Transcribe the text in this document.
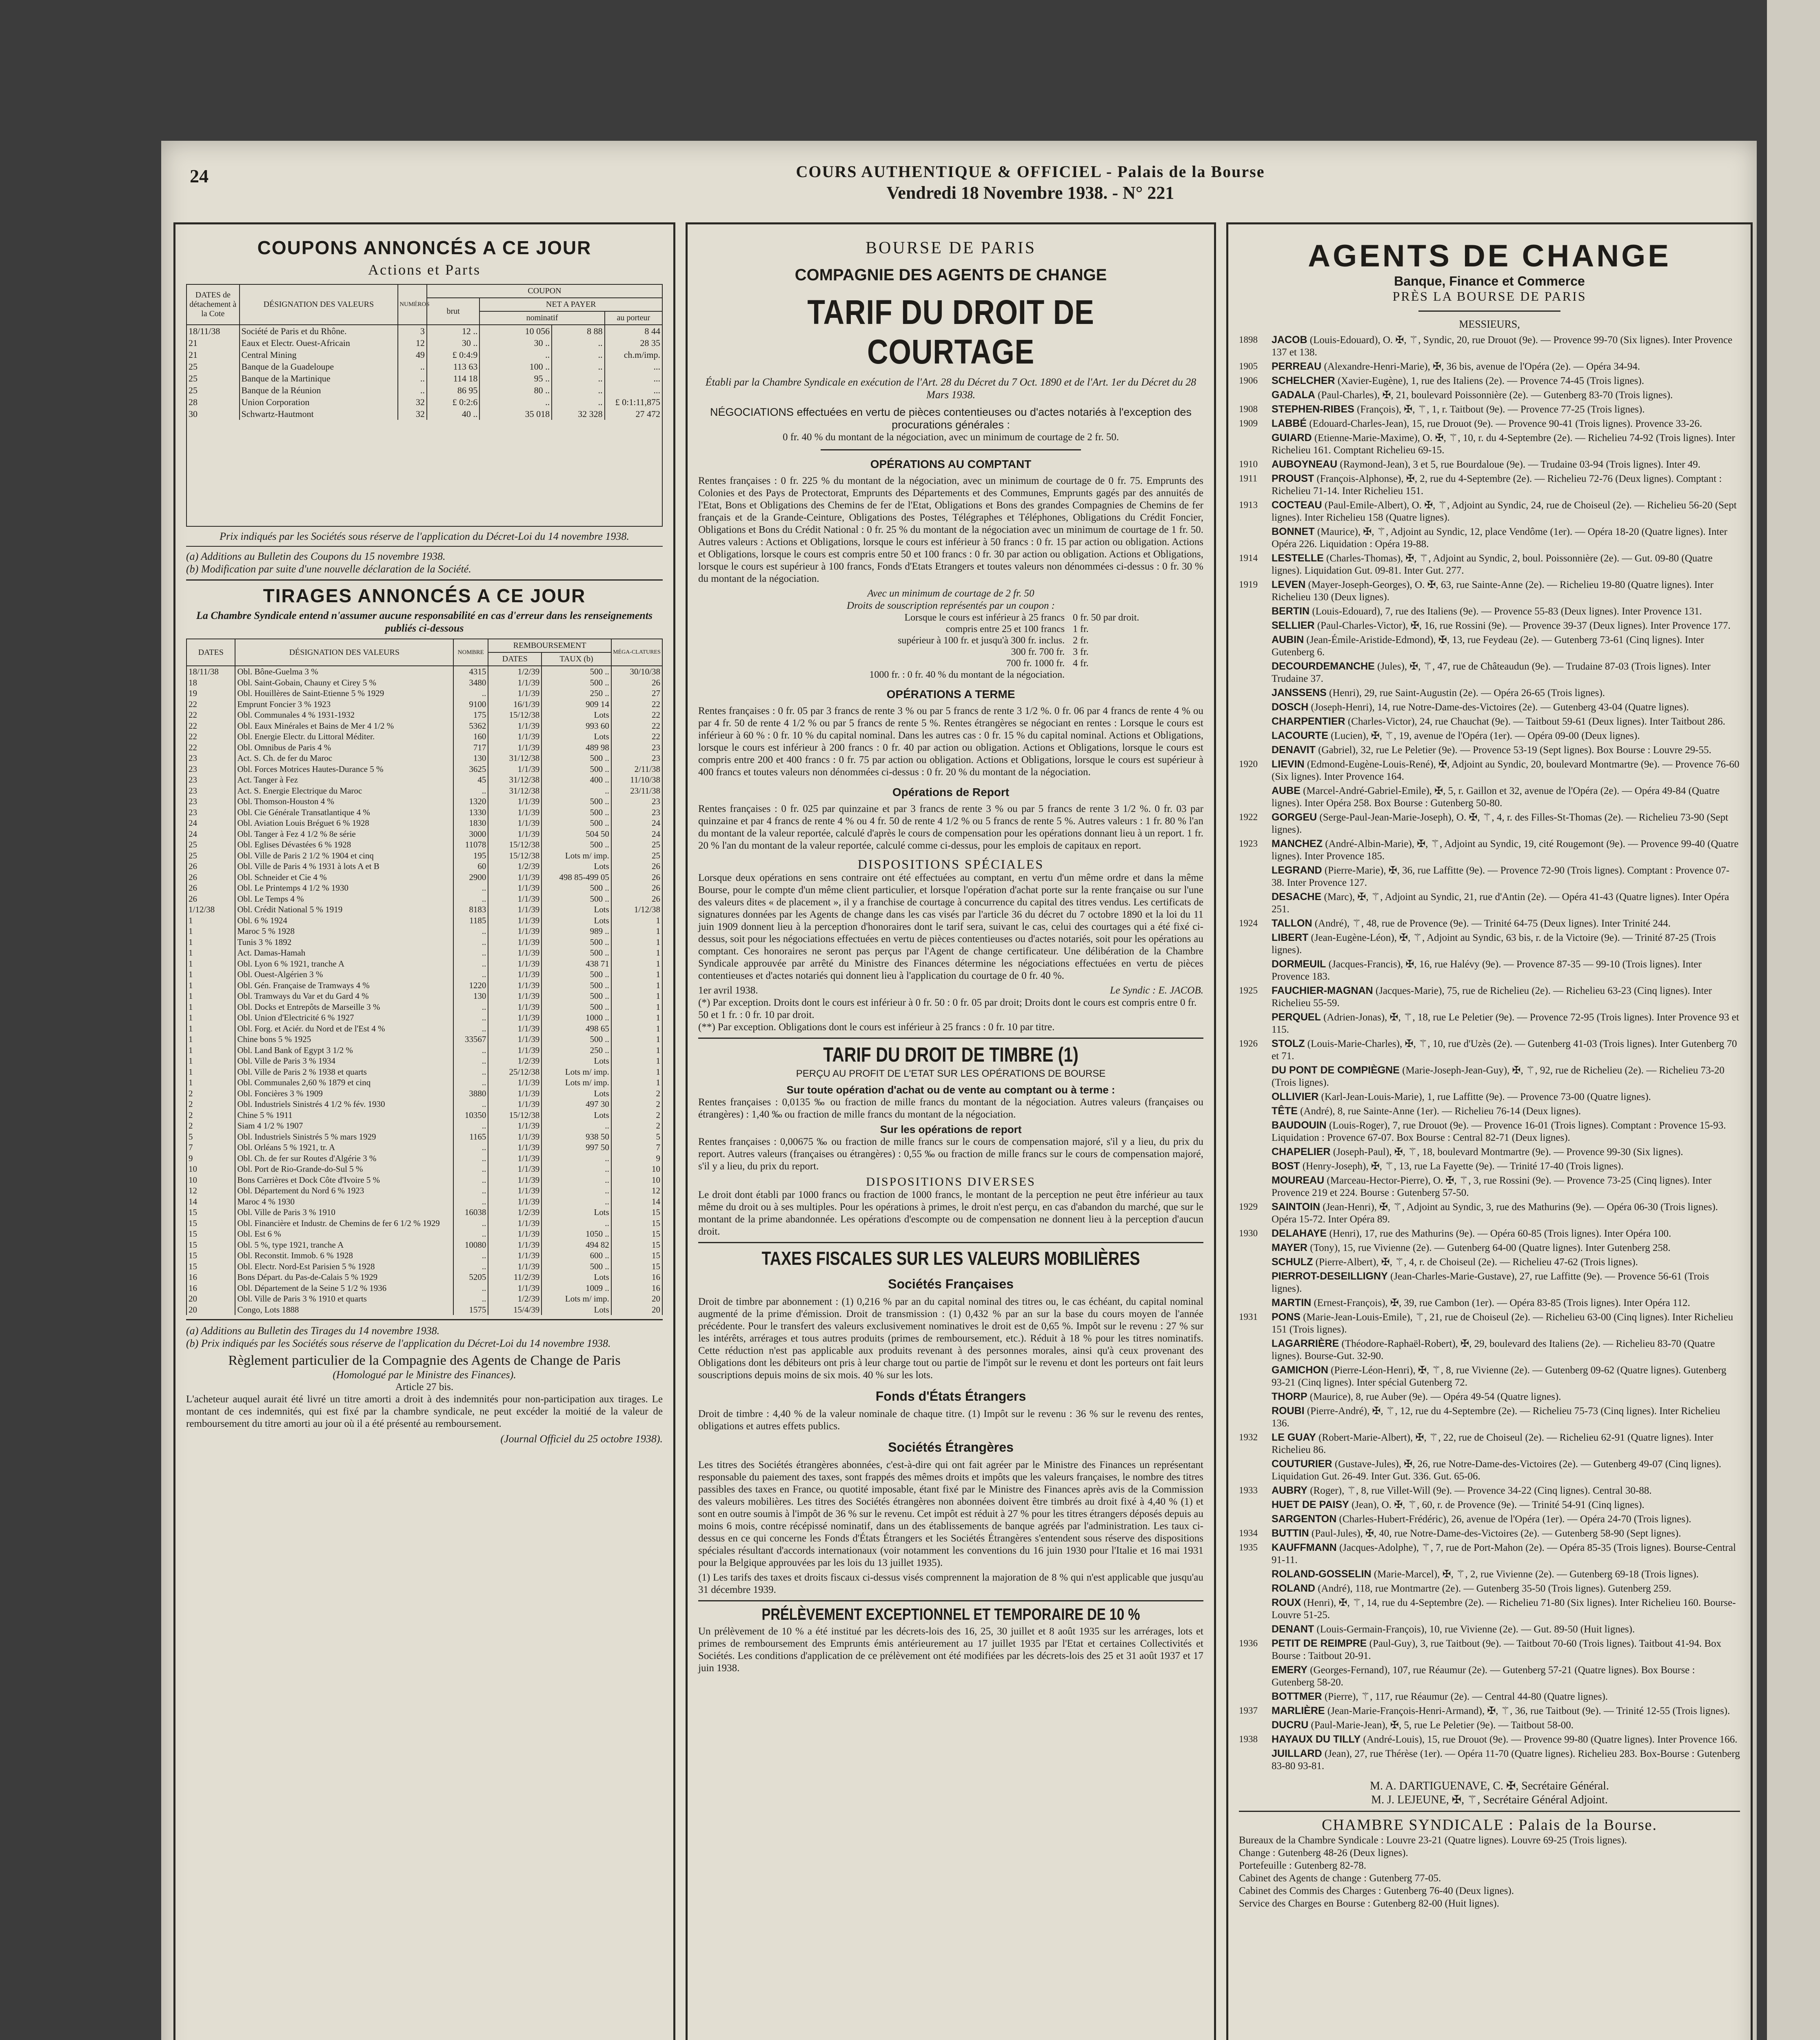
24	COURS AUTHENTIQUE & OFFICIEL - Palais de la Bourse
Vendredi 18 Novembre 1938. - N° 221
COUPONS ANNONCÉS A CE JOUR
Actions et Parts
DATES de détachement à la Cote	DÉSIGNATION DES VALEURS	NUMÉROS	COUPON			
			brut	NET A PAYER		
				nominatif		au porteur
18/11/38	Société de Paris et du Rhône.	3	12 ..	10 056	8 88	8 44
21	Eaux et Electr. Ouest-Africain	12	30 ..	30 ..	..	28 35
21	Central Mining	49	£ 0:4:9	..	..	ch.m/imp.
25	Banque de la Guadeloupe	..	113 63	100 ..	..	...
25	Banque de la Martinique	..	114 18	95 ..	..	...
25	Banque de la Réunion	..	86 95	80 ..	..	...
28	Union Corporation	32	£ 0:2:6	..	..	£ 0:1:11,875
30	Schwartz-Hautmont	32	40 ..	35 018	32 328	27 472
Prix indiqués par les Sociétés sous réserve de l'application du Décret-Loi du 14 novembre 1938.
(a) Additions au Bulletin des Coupons du 15 novembre 1938.
(b) Modification par suite d'une nouvelle déclaration de la Société.
TIRAGES ANNONCÉS A CE JOUR
La Chambre Syndicale entend n'assumer aucune responsabilité en cas d'erreur dans les renseignements publiés ci-dessous
DATES	DÉSIGNATION DES VALEURS	NOMBRE	REMBOURSEMENT		MÉGA-CLATURES
			DATES	TAUX (b)	
18/11/38	Obl. Bône-Guelma 3 %	4315	1/2/39	500 ..	30/10/38
18	Obl. Saint-Gobain, Chauny et Cirey 5 %	3480	1/1/39	500 ..	26
19	Obl. Houillères de Saint-Etienne 5 % 1929	..	1/1/39	250 ..	27
22	Emprunt Foncier 3 % 1923	9100	16/1/39	909 14	22
22	Obl. Communales 4 % 1931-1932	175	15/12/38	Lots	22
22	Obl. Eaux Minérales et Bains de Mer 4 1/2 %	5362	1/1/39	993 60	22
22	Obl. Energie Electr. du Littoral Méditer.	160	1/1/39	Lots	22
22	Obl. Omnibus de Paris 4 %	717	1/1/39	489 98	23
23	Act. S. Ch. de fer du Maroc	130	31/12/38	500 ..	23
23	Obl. Forces Motrices Hautes-Durance 5 %	3625	1/1/39	500 ..	2/11/38
23	Act. Tanger à Fez	45	31/12/38	400 ..	11/10/38
23	Act. S. Energie Electrique du Maroc	..	31/12/38	..	23/11/38
23	Obl. Thomson-Houston 4 %	1320	1/1/39	500 ..	23
23	Obl. Cie Générale Transatlantique 4 %	1330	1/1/39	500 ..	23
24	Obl. Aviation Louis Bréguet 6 % 1928	1830	1/1/39	500 ..	24
24	Obl. Tanger à Fez 4 1/2 % 8e série	3000	1/1/39	504 50	24
25	Obl. Eglises Dévastées 6 % 1928	11078	15/12/38	500 ..	25
25	Obl. Ville de Paris 2 1/2 % 1904 et cinq	195	15/12/38	Lots m/ imp.	25
26	Obl. Ville de Paris 4 % 1931 à lots A et B	60	1/2/39	Lots	26
26	Obl. Schneider et Cie 4 %	2900	1/1/39	498 85-499 05	26
26	Obl. Le Printemps 4 1/2 % 1930	..	1/1/39	500 ..	26
26	Obl. Le Temps 4 %	..	1/1/39	500 ..	26
1/12/38	Obl. Crédit National 5 % 1919	8183	1/1/39	Lots	1/12/38
1	Obl. 6 % 1924	1185	1/1/39	Lots	1
1	Maroc 5 % 1928	..	1/1/39	989 ..	1
1	Tunis 3 % 1892	..	1/1/39	500 ..	1
1	Act. Damas-Hamah	..	1/1/39	500 ..	1
1	Obl. Lyon 6 % 1921, tranche A	..	1/1/39	438 71	1
1	Obl. Ouest-Algérien 3 %	..	1/1/39	500 ..	1
1	Obl. Gén. Française de Tramways 4 %	1220	1/1/39	500 ..	1
1	Obl. Tramways du Var et du Gard 4 %	130	1/1/39	500 ..	1
1	Obl. Docks et Entrepôts de Marseille 3 %	..	1/1/39	500 ..	1
1	Obl. Union d'Electricité 6 % 1927	..	1/1/39	1000 ..	1
1	Obl. Forg. et Aciér. du Nord et de l'Est 4 %	..	1/1/39	498 65	1
1	Chine bons 5 % 1925	33567	1/1/39	500 ..	1
1	Obl. Land Bank of Egypt 3 1/2 %	..	1/1/39	250 ..	1
1	Obl. Ville de Paris 3 % 1934	..	1/2/39	Lots	1
1	Obl. Ville de Paris 2 % 1938 et quarts	..	25/12/38	Lots m/ imp.	1
1	Obl. Communales 2,60 % 1879 et cinq	..	1/1/39	Lots m/ imp.	1
2	Obl. Foncières 3 % 1909	3880	1/1/39	Lots	2
2	Obl. Industriels Sinistrés 4 1/2 % fév. 1930	..	1/1/39	497 30	2
2	Chine 5 % 1911	10350	15/12/38	Lots	2
2	Siam 4 1/2 % 1907	..	1/1/39	..	2
5	Obl. Industriels Sinistrés 5 % mars 1929	1165	1/1/39	938 50	5
7	Obl. Orléans 5 % 1921, tr. A	..	1/1/39	997 50	7
9	Obl. Ch. de fer sur Routes d'Algérie 3 %	..	1/1/39	..	9
10	Obl. Port de Rio-Grande-do-Sul 5 %	..	1/1/39	..	10
10	Bons Carrières et Dock Côte d'Ivoire 5 %	..	1/1/39	..	10
12	Obl. Département du Nord 6 % 1923	..	1/1/39	..	12
14	Maroc 4 % 1930	..	1/1/39	..	14
15	Obl. Ville de Paris 3 % 1910	16038	1/2/39	Lots	15
15	Obl. Financière et Industr. de Chemins de fer 6 1/2 % 1929	..	1/1/39	..	15
15	Obl. Est 6 %	..	1/1/39	1050 ..	15
15	Obl. 5 %, type 1921, tranche A	10080	1/1/39	494 82	15
15	Obl. Reconstit. Immob. 6 % 1928	..	1/1/39	600 ..	15
15	Obl. Electr. Nord-Est Parisien 5 % 1928	..	1/1/39	500 ..	15
16	Bons Départ. du Pas-de-Calais 5 % 1929	5205	11/2/39	Lots	16
16	Obl. Département de la Seine 5 1/2 % 1936	..	1/1/39	1009 ..	16
20	Obl. Ville de Paris 3 % 1910 et quarts	..	1/2/39	Lots m/ imp.	20
20	Congo, Lots 1888	1575	15/4/39	Lots	20
(a) Additions au Bulletin des Tirages du 14 novembre 1938.
(b) Prix indiqués par les Sociétés sous réserve de l'application du Décret-Loi du 14 novembre 1938.
Règlement particulier de la Compagnie des Agents de Change de Paris
(Homologué par le Ministre des Finances).
Article 27 bis.

L'acheteur auquel aurait été livré un titre amorti a droit à des indemnités pour non-participation aux tirages. Le montant de ces indemnités, qui est fixé par la chambre syndicale, ne peut excéder la moitié de la valeur de remboursement du titre amorti au jour où il a été présenté au remboursement.

(Journal Officiel du 25 octobre 1938).
BOURSE DE PARIS
COMPAGNIE DES AGENTS DE CHANGE
TARIF DU DROIT DE COURTAGE
Établi par la Chambre Syndicale en exécution de l'Art. 28 du Décret du 7 Oct. 1890 et de l'Art. 1er du Décret du 28 Mars 1938.
NÉGOCIATIONS effectuées en vertu de pièces contentieuses ou d'actes notariés à l'exception des procurations générales :
0 fr. 40 % du montant de la négociation, avec un minimum de courtage de 2 fr. 50.
OPÉRATIONS AU COMPTANT

Rentes françaises : 0 fr. 225 % du montant de la négociation, avec un minimum de courtage de 0 fr. 75. Emprunts des Colonies et des Pays de Protectorat, Emprunts des Départements et des Communes, Emprunts gagés par des annuités de l'Etat, Bons et Obligations des Chemins de fer de l'Etat, Obligations et Bons des grandes Compagnies de Chemins de fer français et de la Grande-Ceinture, Obligations des Postes, Télégraphes et Téléphones, Obligations du Crédit Foncier, Obligations et Bons du Crédit National : 0 fr. 25 % du montant de la négociation avec un minimum de courtage de 1 fr. 50. Autres valeurs : Actions et Obligations, lorsque le cours est inférieur à 50 francs : 0 fr. 15 par action ou obligation. Actions et Obligations, lorsque le cours est compris entre 50 et 100 francs : 0 fr. 30 par action ou obligation. Actions et Obligations, lorsque le cours est supérieur à 100 francs, Fonds d'Etats Etrangers et toutes valeurs non dénommées ci-dessus : 0 fr. 30 % du montant de la négociation.

Avec un minimum de courtage de 2 fr. 50
Droits de souscription représentés par un coupon :
Lorsque le cours est inférieur à 25 francs 0 fr. 50 par droit.
compris entre 25 et 100 francs 1 fr.
supérieur à 100 fr. et jusqu'à 300 fr. inclus. 2 fr.
300 fr. 700 fr. 3 fr.
700 fr. 1000 fr. 4 fr.
1000 fr. : 0 fr. 40 % du montant de la négociation.
OPÉRATIONS A TERME

Rentes françaises : 0 fr. 05 par 3 francs de rente 3 % ou par 5 francs de rente 3 1/2 %. 0 fr. 06 par 4 francs de rente 4 % ou par 4 fr. 50 de rente 4 1/2 % ou par 5 francs de rente 5 %. Rentes étrangères se négociant en rentes : Lorsque le cours est inférieur à 60 % : 0 fr. 10 % du capital nominal. Dans les autres cas : 0 fr. 15 % du capital nominal. Actions et Obligations, lorsque le cours est inférieur à 200 francs : 0 fr. 40 par action ou obligation. Actions et Obligations, lorsque le cours est compris entre 200 et 400 francs : 0 fr. 75 par action ou obligation. Actions et Obligations, lorsque le cours est supérieur à 400 francs et toutes valeurs non dénommées ci-dessus : 0 fr. 20 % du montant de la négociation.

Opérations de Report

Rentes françaises : 0 fr. 025 par quinzaine et par 3 francs de rente 3 % ou par 5 francs de rente 3 1/2 %. 0 fr. 03 par quinzaine et par 4 francs de rente 4 % ou 4 fr. 50 de rente 4 1/2 % ou 5 francs de rente 5 %. Autres valeurs : 1 fr. 80 % l'an du montant de la valeur reportée, calculé d'après le cours de compensation pour les opérations donnant lieu à un report. 1 fr. 20 % l'an du montant de la valeur reportée, calculé comme ci-dessus, pour les emplois de capitaux en report.

DISPOSITIONS SPÉCIALES

Lorsque deux opérations en sens contraire ont été effectuées au comptant, en vertu d'un même ordre et dans la même Bourse, pour le compte d'un même client particulier, et lorsque l'opération d'achat porte sur la rente française ou sur l'une des valeurs dites « de placement », il y a franchise de courtage à concurrence du capital des titres vendus. Les certificats de signatures données par les Agents de change dans les cas visés par l'article 36 du décret du 7 octobre 1890 et la loi du 11 juin 1909 donnent lieu à la perception d'honoraires dont le tarif sera, suivant le cas, celui des courtages qui a été fixé ci-dessus, soit pour les négociations effectuées en vertu de pièces contentieuses ou d'actes notariés, soit pour les opérations au comptant. Ces honoraires ne seront pas perçus par l'Agent de change certificateur. Une délibération de la Chambre Syndicale approuvée par arrêté du Ministre des Finances détermine les négociations effectuées en vertu de pièces contentieuses et d'actes notariés qui donnent lieu à l'application du courtage de 0 fr. 40 %.

1er avril 1938.	Le Syndic : E. JACOB.
(*) Par exception. Droits dont le cours est inférieur à 0 fr. 50 : 0 fr. 05 par droit; Droits dont le cours est compris entre 0 fr. 50 et 1 fr. : 0 fr. 10 par droit.
(**) Par exception. Obligations dont le cours est inférieur à 25 francs : 0 fr. 10 par titre.
TARIF DU DROIT DE TIMBRE (1)
PERÇU AU PROFIT DE L'ETAT SUR LES OPÉRATIONS DE BOURSE
Sur toute opération d'achat ou de vente au comptant ou à terme :

Rentes françaises : 0,0135 ‰ ou fraction de mille francs du montant de la négociation. Autres valeurs (françaises ou étrangères) : 1,40 ‰ ou fraction de mille francs du montant de la négociation.

Sur les opérations de report

Rentes françaises : 0,00675 ‰ ou fraction de mille francs sur le cours de compensation majoré, s'il y a lieu, du prix du report. Autres valeurs (françaises ou étrangères) : 0,55 ‰ ou fraction de mille francs sur le cours de compensation majoré, s'il y a lieu, du prix du report.

DISPOSITIONS DIVERSES

Le droit dont établi par 1000 francs ou fraction de 1000 francs, le montant de la perception ne peut être inférieur au taux même du droit ou à ses multiples. Pour les opérations à primes, le droit n'est perçu, en cas d'abandon du marché, que sur le montant de la prime abandonnée. Les opérations d'escompte ou de compensation ne donnent lieu à la perception d'aucun droit.

TAXES FISCALES SUR LES VALEURS MOBILIÈRES
Sociétés Françaises

Droit de timbre par abonnement : (1) 0,216 % par an du capital nominal des titres ou, le cas échéant, du capital nominal augmenté de la prime d'émission. Droit de transmission : (1) 0,432 % par an sur la base du cours moyen de l'année précédente. Pour le transfert des valeurs exclusivement nominatives le droit est de 0,65 %. Impôt sur le revenu : 27 % sur les intérêts, arrérages et tous autres produits (primes de remboursement, etc.). Réduit à 18 % pour les titres nominatifs. Cette réduction n'est pas applicable aux produits revenant à des personnes morales, ainsi qu'à ceux provenant des Obligations dont les débiteurs ont pris à leur charge tout ou partie de l'impôt sur le revenu et dont les porteurs ont fait leurs souscriptions depuis moins de six mois. 40 % sur les lots.

Fonds d'États Étrangers

Droit de timbre : 4,40 % de la valeur nominale de chaque titre. (1) Impôt sur le revenu : 36 % sur le revenu des rentes, obligations et autres effets publics.

Sociétés Étrangères

Les titres des Sociétés étrangères abonnées, c'est-à-dire qui ont fait agréer par le Ministre des Finances un représentant responsable du paiement des taxes, sont frappés des mêmes droits et impôts que les valeurs françaises, le nombre des titres passibles des taxes en France, ou quotité imposable, étant fixé par le Ministre des Finances après avis de la Commission des valeurs mobilières. Les titres des Sociétés étrangères non abonnées doivent être timbrés au droit fixé à 4,40 % (1) et sont en outre soumis à l'impôt de 36 % sur le revenu. Cet impôt est réduit à 27 % pour les titres étrangers déposés depuis au moins 6 mois, contre récépissé nominatif, dans un des établissements de banque agréés par l'administration. Les taux ci-dessus en ce qui concerne les Fonds d'États Étrangers et les Sociétés Étrangères s'entendent sous réserve des dispositions spéciales résultant d'accords internationaux (voir notamment les conventions du 16 juin 1930 pour l'Italie et 16 mai 1931 pour la Belgique approuvées par les lois du 13 juillet 1935).

(1) Les tarifs des taxes et droits fiscaux ci-dessus visés comprennent la majoration de 8 % qui n'est applicable que jusqu'au 31 décembre 1939.

PRÉLÈVEMENT EXCEPTIONNEL ET TEMPORAIRE DE 10 %

Un prélèvement de 10 % a été institué par les décrets-lois des 16, 25, 30 juillet et 8 août 1935 sur les arrérages, lots et primes de remboursement des Emprunts émis antérieurement au 17 juillet 1935 par l'Etat et certaines Collectivités et Sociétés. Les conditions d'application de ce prélèvement ont été modifiées par les décrets-lois des 25 et 31 août 1937 et 17 juin 1938.

AGENTS DE CHANGE
Banque, Finance et Commerce
PRÈS LA BOURSE DE PARIS
MESSIEURS,
1898	JACOB (Louis-Edouard), O. ✠, ⚚, Syndic, 20, rue Drouot (9e). — Provence 99-70 (Six lignes). Inter Provence 137 et 138.
1905	PERREAU (Alexandre-Henri-Marie), ✠, 36 bis, avenue de l'Opéra (2e). — Opéra 34-94.
1906	SCHELCHER (Xavier-Eugène), 1, rue des Italiens (2e). — Provence 74-45 (Trois lignes).
GADALA (Paul-Charles), ✠, 21, boulevard Poissonnière (2e). — Gutenberg 83-70 (Trois lignes).
1908	STEPHEN-RIBES (François), ✠, ⚚, 1, r. Taitbout (9e). — Provence 77-25 (Trois lignes).
1909	LABBÉ (Edouard-Charles-Jean), 15, rue Drouot (9e). — Provence 90-41 (Trois lignes). Provence 33-26.
GUIARD (Etienne-Marie-Maxime), O. ✠, ⚚, 10, r. du 4-Septembre (2e). — Richelieu 74-92 (Trois lignes). Inter Richelieu 161. Comptant Richelieu 69-15.
1910	AUBOYNEAU (Raymond-Jean), 3 et 5, rue Bourdaloue (9e). — Trudaine 03-94 (Trois lignes). Inter 49.
1911	PROUST (François-Alphonse), ✠, 2, rue du 4-Septembre (2e). — Richelieu 72-76 (Deux lignes). Comptant : Richelieu 71-14. Inter Richelieu 151.
1913	COCTEAU (Paul-Emile-Albert), O. ✠, ⚚, Adjoint au Syndic, 24, rue de Choiseul (2e). — Richelieu 56-20 (Sept lignes). Inter Richelieu 158 (Quatre lignes).
BONNET (Maurice), ✠, ⚚, Adjoint au Syndic, 12, place Vendôme (1er). — Opéra 18-20 (Quatre lignes). Inter Opéra 226. Liquidation : Opéra 19-88.
1914	LESTELLE (Charles-Thomas), ✠, ⚚, Adjoint au Syndic, 2, boul. Poissonnière (2e). — Gut. 09-80 (Quatre lignes). Liquidation Gut. 09-81. Inter Gut. 277.
1919	LEVEN (Mayer-Joseph-Georges), O. ✠, 63, rue Sainte-Anne (2e). — Richelieu 19-80 (Quatre lignes). Inter Richelieu 130 (Deux lignes).
BERTIN (Louis-Edouard), 7, rue des Italiens (9e). — Provence 55-83 (Deux lignes). Inter Provence 131.
SELLIER (Paul-Charles-Victor), ✠, 16, rue Rossini (9e). — Provence 39-37 (Deux lignes). Inter Provence 177.
AUBIN (Jean-Émile-Aristide-Edmond), ✠, 13, rue Feydeau (2e). — Gutenberg 73-61 (Cinq lignes). Inter Gutenberg 6.
DECOURDEMANCHE (Jules), ✠, ⚚, 47, rue de Châteaudun (9e). — Trudaine 87-03 (Trois lignes). Inter Trudaine 37.
JANSSENS (Henri), 29, rue Saint-Augustin (2e). — Opéra 26-65 (Trois lignes).
DOSCH (Joseph-Henri), 14, rue Notre-Dame-des-Victoires (2e). — Gutenberg 43-04 (Quatre lignes).
CHARPENTIER (Charles-Victor), 24, rue Chauchat (9e). — Taitbout 59-61 (Deux lignes). Inter Taitbout 286.
LACOURTE (Lucien), ✠, ⚚, 19, avenue de l'Opéra (1er). — Opéra 09-00 (Deux lignes).
DENAVIT (Gabriel), 32, rue Le Peletier (9e). — Provence 53-19 (Sept lignes). Box Bourse : Louvre 29-55.
1920	LIEVIN (Edmond-Eugène-Louis-René), ✠, Adjoint au Syndic, 20, boulevard Montmartre (9e). — Provence 76-60 (Six lignes). Inter Provence 164.
AUBE (Marcel-André-Gabriel-Emile), ✠, 5, r. Gaillon et 32, avenue de l'Opéra (2e). — Opéra 49-84 (Quatre lignes). Inter Opéra 258. Box Bourse : Gutenberg 50-80.
1922	GORGEU (Serge-Paul-Jean-Marie-Joseph), O. ✠, ⚚, 4, r. des Filles-St-Thomas (2e). — Richelieu 73-90 (Sept lignes).
1923	MANCHEZ (André-Albin-Marie), ✠, ⚚, Adjoint au Syndic, 19, cité Rougemont (9e). — Provence 99-40 (Quatre lignes). Inter Provence 185.
LEGRAND (Pierre-Marie), ✠, 36, rue Laffitte (9e). — Provence 72-90 (Trois lignes). Comptant : Provence 07-38. Inter Provence 127.
DESACHE (Marc), ✠, ⚚, Adjoint au Syndic, 21, rue d'Antin (2e). — Opéra 41-43 (Quatre lignes). Inter Opéra 251.
1924	TALLON (André), ⚚, 48, rue de Provence (9e). — Trinité 64-75 (Deux lignes). Inter Trinité 244.
LIBERT (Jean-Eugène-Léon), ✠, ⚚, Adjoint au Syndic, 63 bis, r. de la Victoire (9e). — Trinité 87-25 (Trois lignes).
DORMEUIL (Jacques-Francis), ✠, 16, rue Halévy (9e). — Provence 87-35 — 99-10 (Trois lignes). Inter Provence 183.
1925	FAUCHIER-MAGNAN (Jacques-Marie), 75, rue de Richelieu (2e). — Richelieu 63-23 (Cinq lignes). Inter Richelieu 55-59.
PERQUEL (Adrien-Jonas), ✠, ⚚, 18, rue Le Peletier (9e). — Provence 72-95 (Trois lignes). Inter Provence 93 et 115.
1926	STOLZ (Louis-Marie-Charles), ✠, ⚚, 10, rue d'Uzès (2e). — Gutenberg 41-03 (Trois lignes). Inter Gutenberg 70 et 71.
DU PONT DE COMPIÈGNE (Marie-Joseph-Jean-Guy), ✠, ⚚, 92, rue de Richelieu (2e). — Richelieu 73-20 (Trois lignes).
OLLIVIER (Karl-Jean-Louis-Marie), 1, rue Laffitte (9e). — Provence 73-00 (Quatre lignes).
TÊTE (André), 8, rue Sainte-Anne (1er). — Richelieu 76-14 (Deux lignes).
BAUDOUIN (Louis-Roger), 7, rue Drouot (9e). — Provence 16-01 (Trois lignes). Comptant : Provence 15-93. Liquidation : Provence 67-07. Box Bourse : Central 82-71 (Deux lignes).
CHAPELIER (Joseph-Paul), ✠, ⚚, 18, boulevard Montmartre (9e). — Provence 99-30 (Six lignes).
BOST (Henry-Joseph), ✠, ⚚, 13, rue La Fayette (9e). — Trinité 17-40 (Trois lignes).
MOUREAU (Marceau-Hector-Pierre), O. ✠, ⚚, 3, rue Rossini (9e). — Provence 73-25 (Cinq lignes). Inter Provence 219 et 224. Bourse : Gutenberg 57-50.
1929	SAINTOIN (Jean-Henri), ✠, ⚚, Adjoint au Syndic, 3, rue des Mathurins (9e). — Opéra 06-30 (Trois lignes). Opéra 15-72. Inter Opéra 89.
1930	DELAHAYE (Henri), 17, rue des Mathurins (9e). — Opéra 60-85 (Trois lignes). Inter Opéra 100.
MAYER (Tony), 15, rue Vivienne (2e). — Gutenberg 64-00 (Quatre lignes). Inter Gutenberg 258.
SCHULZ (Pierre-Albert), ✠, ⚚, 4, r. de Choiseul (2e). — Richelieu 47-62 (Trois lignes).
PIERROT-DESEILLIGNY (Jean-Charles-Marie-Gustave), 27, rue Laffitte (9e). — Provence 56-61 (Trois lignes).
MARTIN (Ernest-François), ✠, 39, rue Cambon (1er). — Opéra 83-85 (Trois lignes). Inter Opéra 112.
1931	PONS (Marie-Jean-Louis-Emile), ⚚, 21, rue de Choiseul (2e). — Richelieu 63-00 (Cinq lignes). Inter Richelieu 151 (Trois lignes).
LAGARRIÈRE (Théodore-Raphaël-Robert), ✠, 29, boulevard des Italiens (2e). — Richelieu 83-70 (Quatre lignes). Bourse-Gut. 32-90.
GAMICHON (Pierre-Léon-Henri), ✠, ⚚, 8, rue Vivienne (2e). — Gutenberg 09-62 (Quatre lignes). Gutenberg 93-21 (Cinq lignes). Inter spécial Gutenberg 72.
THORP (Maurice), 8, rue Auber (9e). — Opéra 49-54 (Quatre lignes).
ROUBI (Pierre-André), ✠, ⚚, 12, rue du 4-Septembre (2e). — Richelieu 75-73 (Cinq lignes). Inter Richelieu 136.
1932	LE GUAY (Robert-Marie-Albert), ✠, ⚚, 22, rue de Choiseul (2e). — Richelieu 62-91 (Quatre lignes). Inter Richelieu 86.
COUTURIER (Gustave-Jules), ✠, 26, rue Notre-Dame-des-Victoires (2e). — Gutenberg 49-07 (Cinq lignes). Liquidation Gut. 26-49. Inter Gut. 336. Gut. 65-06.
1933	AUBRY (Roger), ⚚, 8, rue Villet-Will (9e). — Provence 34-22 (Cinq lignes). Central 30-88.
HUET DE PAISY (Jean), O. ✠, ⚚, 60, r. de Provence (9e). — Trinité 54-91 (Cinq lignes).
SARGENTON (Charles-Hubert-Frédéric), 26, avenue de l'Opéra (1er). — Opéra 24-70 (Trois lignes).
1934	BUTTIN (Paul-Jules), ✠, 40, rue Notre-Dame-des-Victoires (2e). — Gutenberg 58-90 (Sept lignes).
1935	KAUFFMANN (Jacques-Adolphe), ⚚, 7, rue de Port-Mahon (2e). — Opéra 85-35 (Trois lignes). Bourse-Central 91-11.
ROLAND-GOSSELIN (Marie-Marcel), ✠, ⚚, 2, rue Vivienne (2e). — Gutenberg 69-18 (Trois lignes).
ROLAND (André), 118, rue Montmartre (2e). — Gutenberg 35-50 (Trois lignes). Gutenberg 259.
ROUX (Henri), ✠, ⚚, 14, rue du 4-Septembre (2e). — Richelieu 71-80 (Six lignes). Inter Richelieu 160. Bourse-Louvre 51-25.
DENANT (Louis-Germain-François), 10, rue Vivienne (2e). — Gut. 89-50 (Huit lignes).
1936	PETIT DE REIMPRE (Paul-Guy), 3, rue Taitbout (9e). — Taitbout 70-60 (Trois lignes). Taitbout 41-94. Box Bourse : Taitbout 20-91.
EMERY (Georges-Fernand), 107, rue Réaumur (2e). — Gutenberg 57-21 (Quatre lignes). Box Bourse : Gutenberg 58-20.
BOTTMER (Pierre), ⚚, 117, rue Réaumur (2e). — Central 44-80 (Quatre lignes).
1937	MARLIÈRE (Jean-Marie-François-Henri-Armand), ✠, ⚚, 36, rue Taitbout (9e). — Trinité 12-55 (Trois lignes).
DUCRU (Paul-Marie-Jean), ✠, 5, rue Le Peletier (9e). — Taitbout 58-00.
1938	HAYAUX DU TILLY (André-Louis), 15, rue Drouot (9e). — Provence 99-80 (Quatre lignes). Inter Provence 166.
JUILLARD (Jean), 27, rue Thérèse (1er). — Opéra 11-70 (Quatre lignes). Richelieu 283. Box-Bourse : Gutenberg 83-80 93-81.
M. A. DARTIGUENAVE, C. ✠, Secrétaire Général.
M. J. LEJEUNE, ✠, ⚚, Secrétaire Général Adjoint.
CHAMBRE SYNDICALE : Palais de la Bourse.
Bureaux de la Chambre Syndicale : Louvre 23-21 (Quatre lignes). Louvre 69-25 (Trois lignes).
Change : Gutenberg 48-26 (Deux lignes).
Portefeuille : Gutenberg 82-78.
Cabinet des Agents de change : Gutenberg 77-05.
Cabinet des Commis des Charges : Gutenberg 76-40 (Deux lignes).
Service des Charges en Bourse : Gutenberg 82-00 (Huit lignes).
